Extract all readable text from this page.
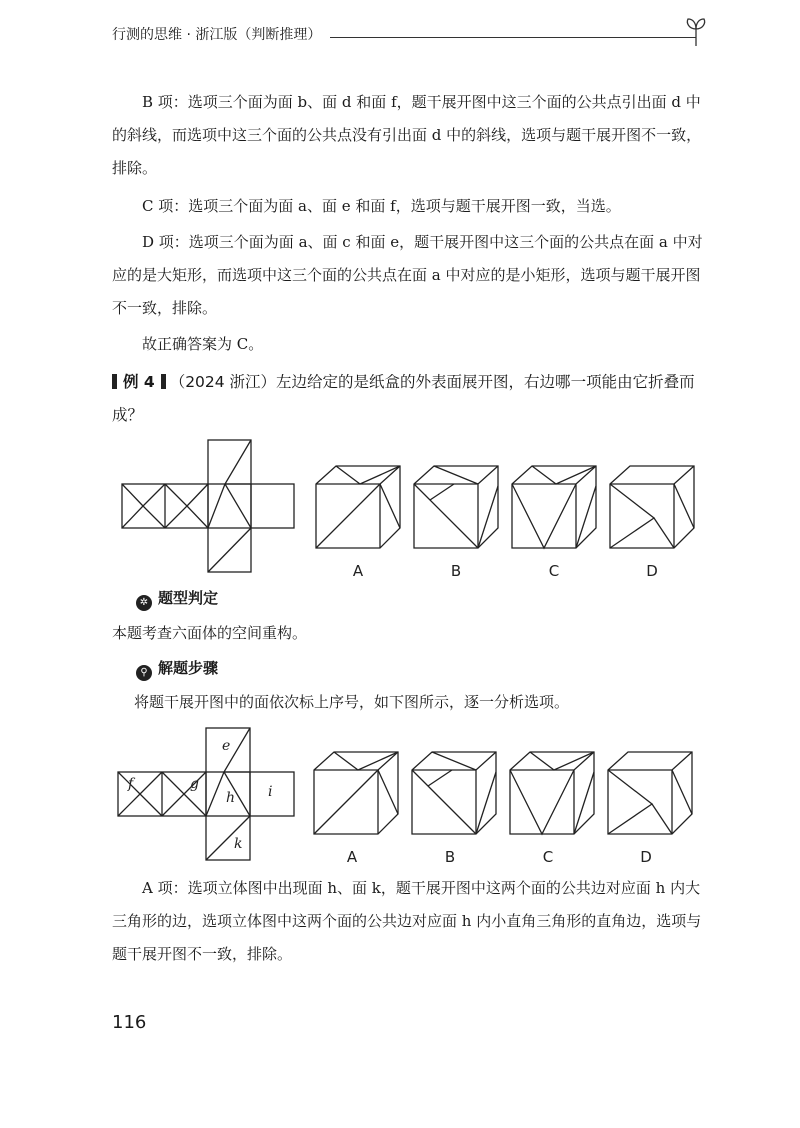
行测的思维 · 浙江版（判断推理）

B 项：选项三个面为面 b、面 d 和面 f，题干展开图中这三个面的公共点引出面 d 中的斜线，而选项中这三个面的公共点没有引出面 d 中的斜线，选项与题干展开图不一致，排除。

C 项：选项三个面为面 a、面 e 和面 f，选项与题干展开图一致，当选。

D 项：选项三个面为面 a、面 c 和面 e，题干展开图中这三个面的公共点在面 a 中对应的是大矩形，而选项中这三个面的公共点在面 a 中对应的是小矩形，选项与题干展开图不一致，排除。

故正确答案为 C。

例 4 （2024 浙江）左边给定的是纸盒的外表面展开图，右边哪一项能由它折叠而成？

A	B	C	D
✲ 题型判定

本题考查六面体的空间重构。

⚲ 解题步骤

将题干展开图中的面依次标上序号，如下图所示，逐一分析选项。

e
f	g
h i
k
A	B	C	D

A 项：选项立体图中出现面 h、面 k，题干展开图中这两个面的公共边对应面 h 内大三角形的边，选项立体图中这两个面的公共边对应面 h 内小直角三角形的直角边，选项与题干展开图不一致，排除。

116
